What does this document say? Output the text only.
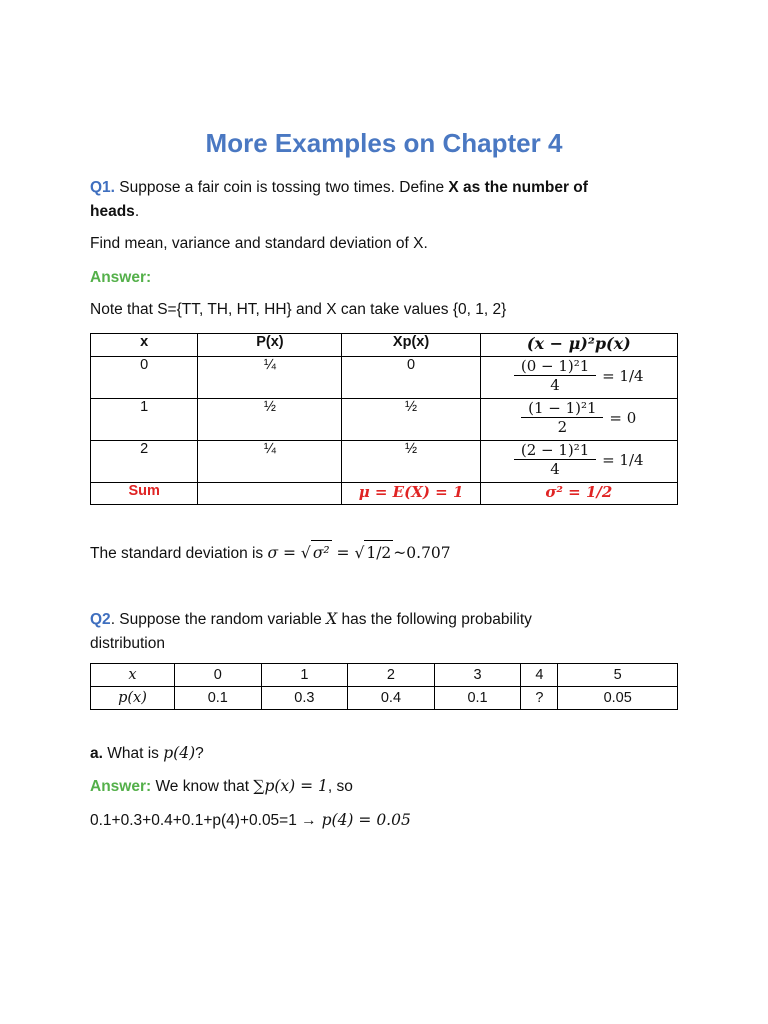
More Examples on Chapter 4
Q1. Suppose a fair coin is tossing two times. Define X as the number of
heads.
Find mean, variance and standard deviation of X.
Answer:
Note that S={TT, TH, HT, HH} and X can take values {0, 1, 2}
x	P(x)	Xp(x)	(x − μ)²p(x)
0	¼	0	$\frac{\text{(0 − 1)²1}}{4} = 1/4$

1	½	½	$\frac{\text{(1 − 1)²1}}{2} = 0$

2	¼	½	$\frac{\text{(2 − 1)²1}}{4} = 1/4$

Sum		μ = E(X) = 1	σ² = 1/2
The standard deviation is σ = √ σ² = √ 1/2 ~0.707
Q2. Suppose the random variable X has the following probability
distribution
x	0	1	2	3	4	5
p(x)	0.1	0.3	0.4	0.1	?	0.05
a. What is p(4)?
Answer: We know that ∑p(x) = 1, so
0.1+0.3+0.4+0.1+p(4)+0.05=1 → p(4) = 0.05
